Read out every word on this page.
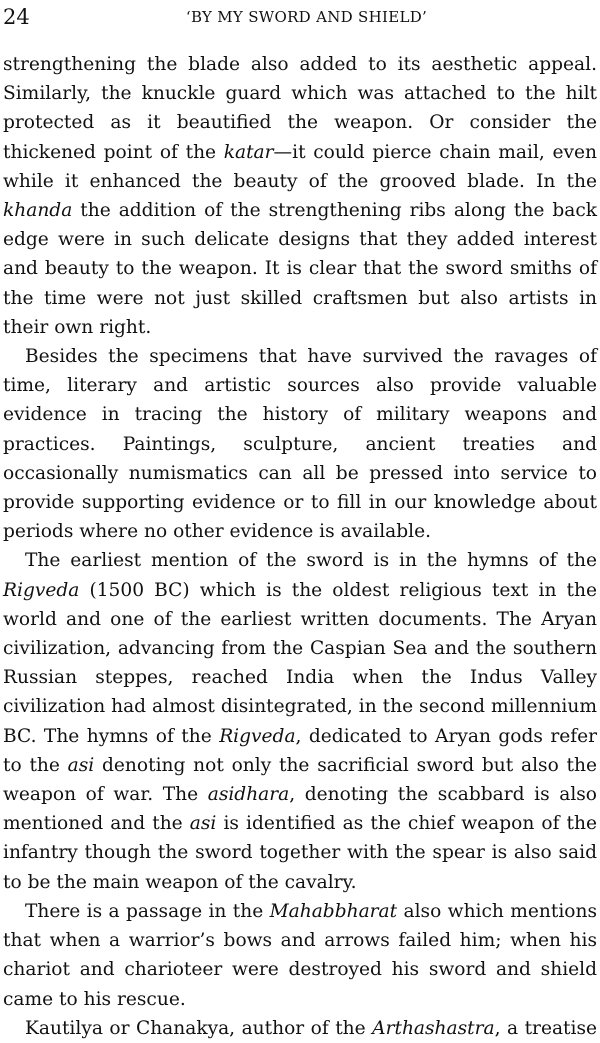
24	‘BY MY SWORD AND SHIELD’

strengthening the blade also added to its aesthetic appeal. Similarly, the knuckle guard which was attached to the hilt protected as it beautified the weapon. Or consider the thickened point of the katar—it could pierce chain mail, even while it enhanced the beauty of the grooved blade. In the khanda the addition of the strengthening ribs along the back edge were in such delicate designs that they added interest and beauty to the weapon. It is clear that the sword smiths of the time were not just skilled craftsmen but also artists in their own right.

Besides the specimens that have survived the ravages of time, literary and artistic sources also provide valuable evidence in tracing the history of military weapons and practices. Paintings, sculpture, ancient treaties and occasionally numismatics can all be pressed into service to provide supporting evidence or to fill in our knowledge about periods where no other evidence is available.

The earliest mention of the sword is in the hymns of the Rigveda (1500 BC) which is the oldest religious text in the world and one of the earliest written documents. The Aryan civilization, advancing from the Caspian Sea and the southern Russian steppes, reached India when the Indus Valley civilization had almost disintegrated, in the second millennium BC. The hymns of the Rigveda, dedicated to Aryan gods refer to the asi denoting not only the sacrificial sword but also the weapon of war. The asidhara, denoting the scabbard is also mentioned and the asi is identified as the chief weapon of the infantry though the sword together with the spear is also said to be the main weapon of the cavalry.

There is a passage in the Mahabbharat also which mentions that when a warrior’s bows and arrows failed him; when his chariot and charioteer were destroyed his sword and shield came to his rescue.

Kautilya or Chanakya, author of the Arthashastra, a treatise
